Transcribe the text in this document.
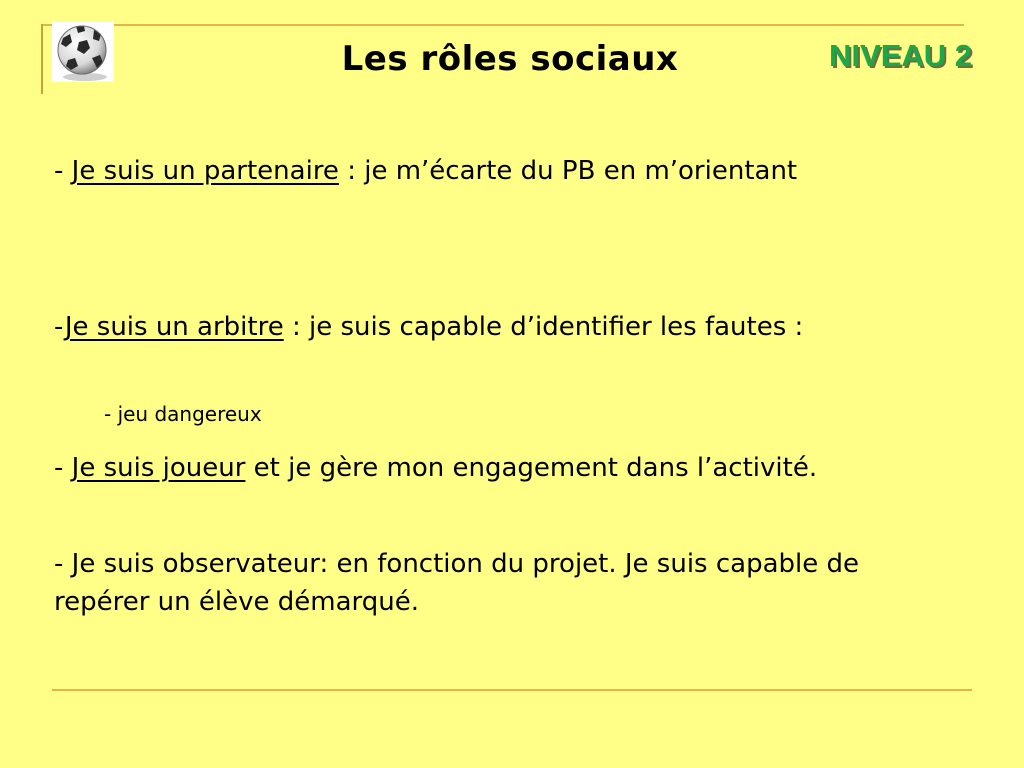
Les rôles sociaux	NIVEAU 2

- Je suis un partenaire : je m’écarte du PB en m’orientant

-Je suis un arbitre : je suis capable d’identifier les fautes :

- jeu dangereux

- Je suis joueur et je gère mon engagement dans l’activité.

- Je suis observateur: en fonction du projet. Je suis capable de repérer un élève démarqué.
